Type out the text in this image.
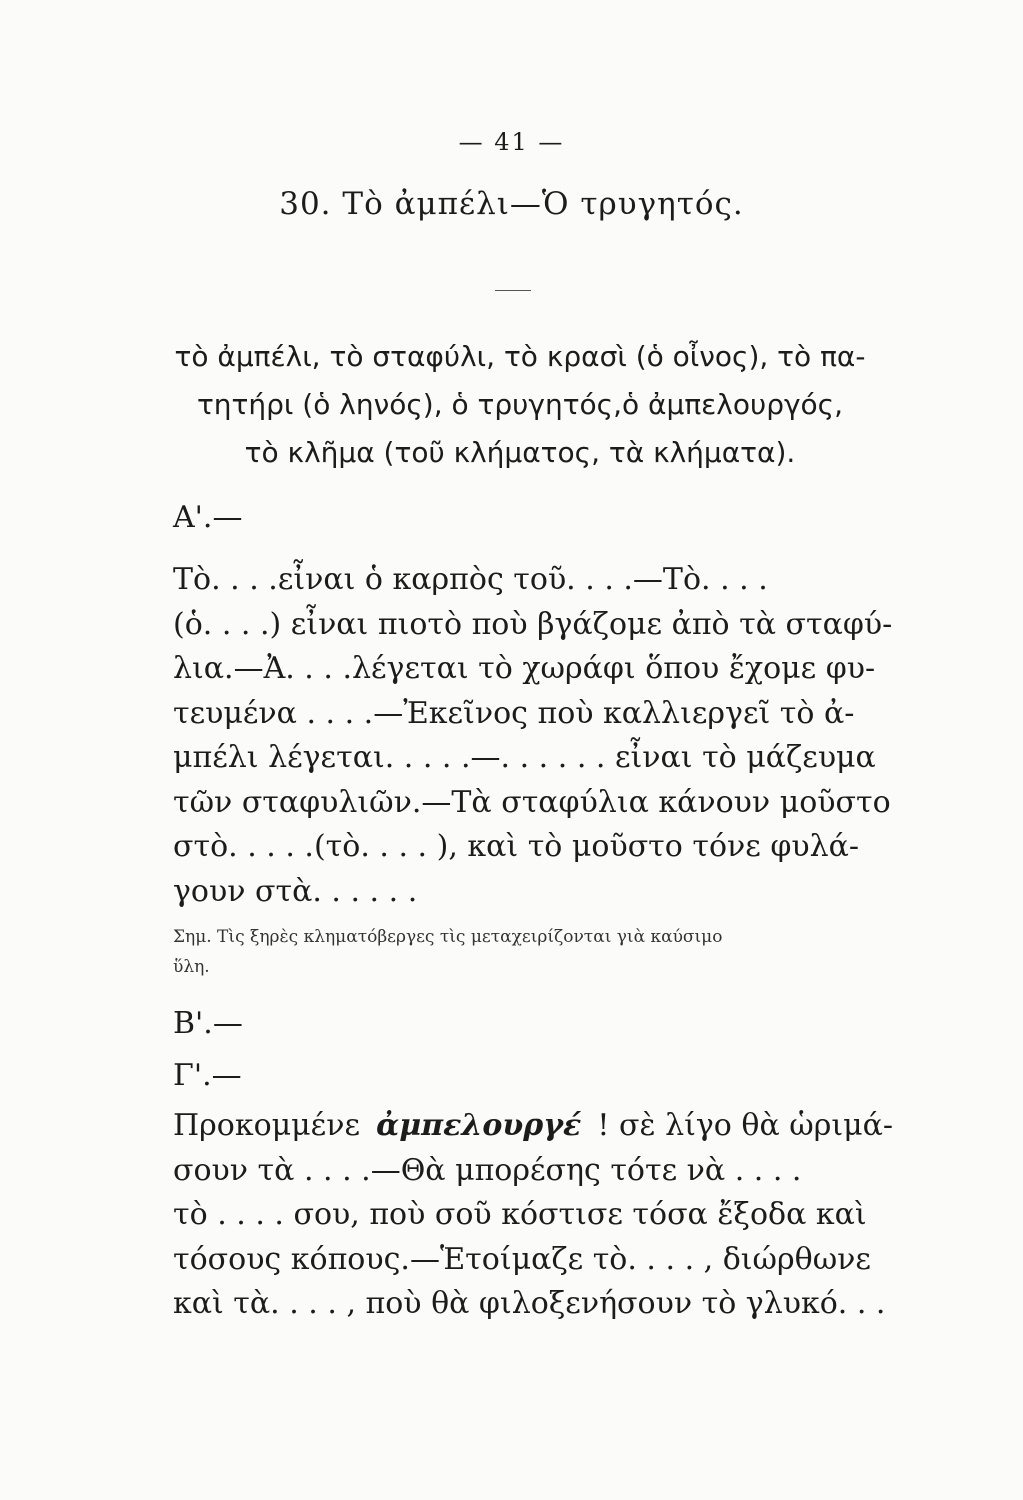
— 41 —
30. Τὸ ἀμπέλι—Ὁ τρυγητός.
τὸ ἀμπέλι, τὸ σταφύλι, τὸ κρασὶ (ὁ οἶνος), τὸ πα-
τητήρι (ὁ ληνός), ὁ τρυγητός,ὁ ἀμπελουργός,
τὸ κλῆμα (τοῦ κλήματος, τὰ κλήματα).
Α'.—
Τὸ. . . .εἶναι ὁ καρπὸς τοῦ. . . .—Τὸ. . . .
(ὁ. . . .) εἶναι πιοτὸ ποὺ βγάζομε ἀπὸ τὰ σταφύ-
λια.—Ἀ. . . .λέγεται τὸ χωράφι ὅπου ἔχομε φυ-
τευμένα . . . .—Ἐκεῖνος ποὺ καλλιεργεῖ τὸ ἀ-
μπέλι λέγεται. . . . .—. . . . . . εἶναι τὸ μάζευμα
τῶν σταφυλιῶν.—Τὰ σταφύλια κάνουν μοῦστο
στὸ. . . . .(τὸ. . . . ), καὶ τὸ μοῦστο τόνε φυλά-
γουν στὰ. . . . . .
Σημ. Τὶς ξηρὲς κληματόβεργες τὶς μεταχειρίζονται γιὰ καύσιμο
ὕλη.
Β'.—
Γ'.—
Προκομμένε ἀμπελουργέ ! σὲ λίγο θὰ ὡριμά-
σουν τὰ . . . .—Θὰ μπορέσης τότε νὰ . . . .
τὸ . . . . σου, ποὺ σοῦ κόστισε τόσα ἔξοδα καὶ
τόσους κόπους.—Ἑτοίμαζε τὸ. . . . , διώρθωνε
καὶ τὰ. . . . , ποὺ θὰ φιλοξενήσουν τὸ γλυκό. . .
